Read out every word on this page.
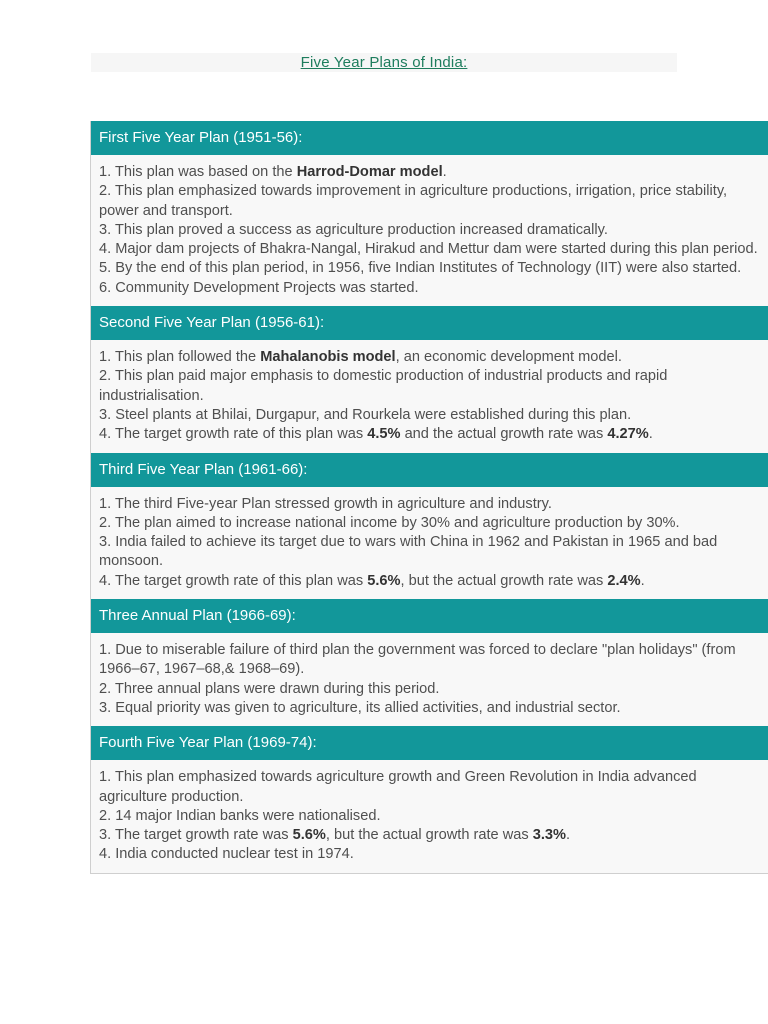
Five Year Plans of India:
First Five Year Plan (1951-56):

1. This plan was based on the Harrod-Domar model.

2. This plan emphasized towards improvement in agriculture productions, irrigation, price stability, power and transport.

3. This plan proved a success as agriculture production increased dramatically.

4. Major dam projects of Bhakra-Nangal, Hirakud and Mettur dam were started during this plan period.

5. By the end of this plan period, in 1956, five Indian Institutes of Technology (IIT) were also started.

6. Community Development Projects was started.

Second Five Year Plan (1956-61):

1. This plan followed the Mahalanobis model, an economic development model.

2. This plan paid major emphasis to domestic production of industrial products and rapid industrialisation.

3. Steel plants at Bhilai, Durgapur, and Rourkela were established during this plan.

4. The target growth rate of this plan was 4.5% and the actual growth rate was 4.27%.

Third Five Year Plan (1961-66):

1. The third Five-year Plan stressed growth in agriculture and industry.

2. The plan aimed to increase national income by 30% and agriculture production by 30%.

3. India failed to achieve its target due to wars with China in 1962 and Pakistan in 1965 and bad monsoon.

4. The target growth rate of this plan was 5.6%, but the actual growth rate was 2.4%.

Three Annual Plan (1966-69):

1. Due to miserable failure of third plan the government was forced to declare "plan holidays" (from 1966–67, 1967–68,& 1968–69).

2. Three annual plans were drawn during this period.

3. Equal priority was given to agriculture, its allied activities, and industrial sector.

Fourth Five Year Plan (1969-74):

1. This plan emphasized towards agriculture growth and Green Revolution in India advanced agriculture production.

2. 14 major Indian banks were nationalised.

3. The target growth rate was 5.6%, but the actual growth rate was 3.3%.

4. India conducted nuclear test in 1974.
